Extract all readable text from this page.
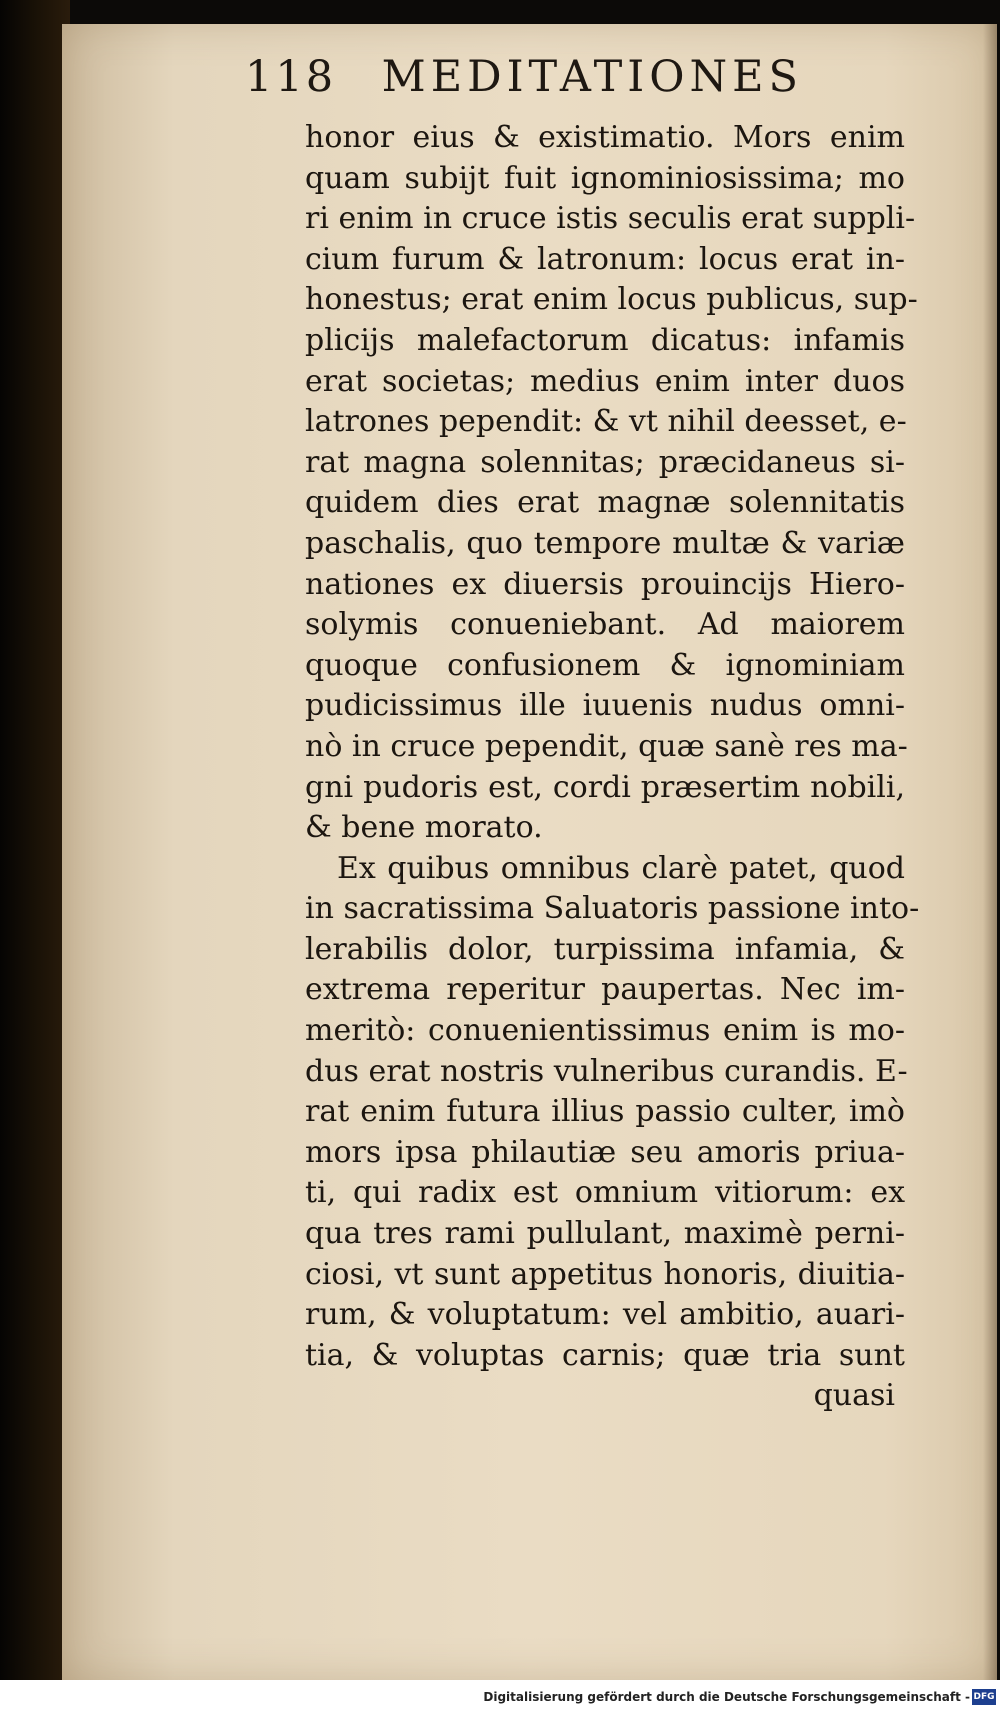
118 MEDITATIONES
honor eius & existimatio. Mors enim
quam subijt fuit ignominiosissima; mo
ri enim in cruce istis seculis erat suppli-
cium furum & latronum: locus erat in-
honestus; erat enim locus publicus, sup-
plicijs malefactorum dicatus: infamis
erat societas; medius enim inter duos
latrones pependit: & vt nihil deesset, e-
rat magna solennitas; præcidaneus si-
quidem dies erat magnæ solennitatis
paschalis, quo tempore multæ & variæ
nationes ex diuersis prouincijs Hiero-
solymis conueniebant. Ad maiorem
quoque confusionem & ignominiam
pudicissimus ille iuuenis nudus omni-
nò in cruce pependit, quæ sanè res ma-
gni pudoris est, cordi præsertim nobili,
& bene morato.
Ex quibus omnibus clarè patet, quod
in sacratissima Saluatoris passione into-
lerabilis dolor, turpissima infamia, &
extrema reperitur paupertas. Nec im-
meritò: conuenientissimus enim is mo-
dus erat nostris vulneribus curandis. E-
rat enim futura illius passio culter, imò
mors ipsa philautiæ seu amoris priua-
ti, qui radix est omnium vitiorum: ex
qua tres rami pullulant, maximè perni-
ciosi, vt sunt appetitus honoris, diuitia-
rum, & voluptatum: vel ambitio, auari-
tia, & voluptas carnis; quæ tria sunt
quasi
Digitalisierung gefördert durch die Deutsche Forschungsgemeinschaft - DFG
